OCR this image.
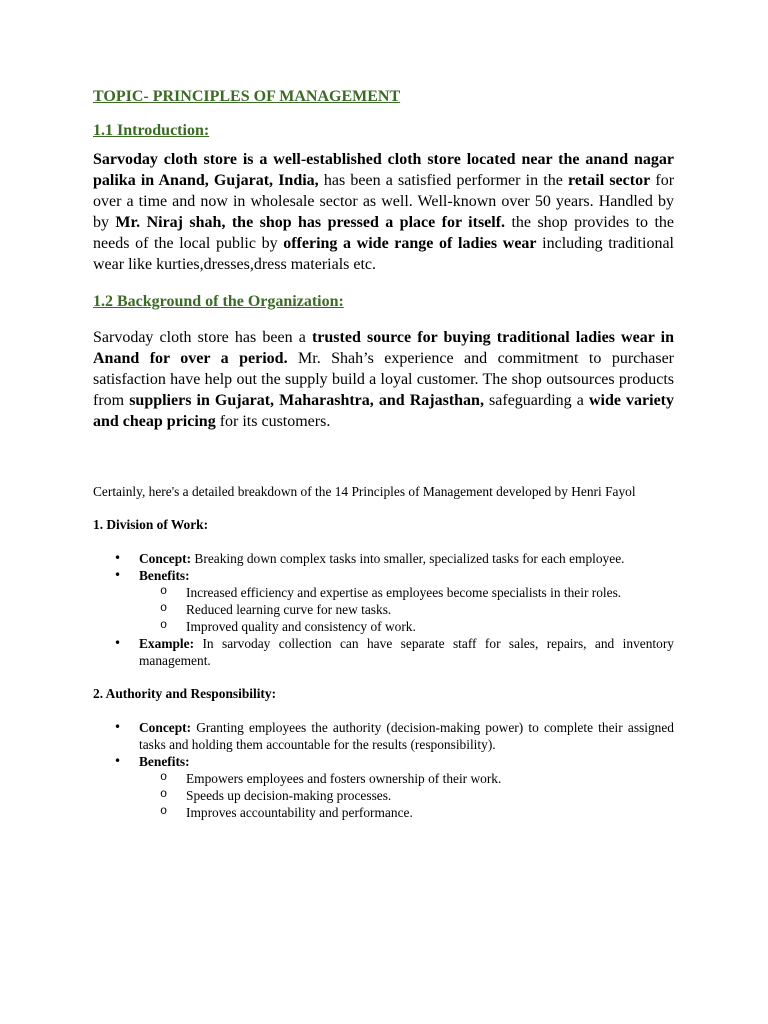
TOPIC- PRINCIPLES OF MANAGEMENT
1.1 Introduction:

Sarvoday cloth store is a well-established cloth store located near the anand nagar palika in Anand, Gujarat, India, has been a satisfied performer in the retail sector for over a time and now in wholesale sector as well. Well-known over 50 years. Handled by by Mr. Niraj shah, the shop has pressed a place for itself. the shop provides to the needs of the local public by offering a wide range of ladies wear including traditional wear like kurties,dresses,dress materials etc.

1.2 Background of the Organization:

Sarvoday cloth store has been a trusted source for buying traditional ladies wear in Anand for over a period. Mr. Shah’s experience and commitment to purchaser satisfaction have help out the supply build a loyal customer. The shop outsources products from suppliers in Gujarat, Maharashtra, and Rajasthan, safeguarding a wide variety and cheap pricing for its customers.

Certainly, here's a detailed breakdown of the 14 Principles of Management developed by Henri Fayol

1. Division of Work:

• Concept: Breaking down complex tasks into smaller, specialized tasks for each employee.
• Benefits:
o Increased efficiency and expertise as employees become specialists in their roles.
o Reduced learning curve for new tasks.
o Improved quality and consistency of work.
• Example: In sarvoday collection can have separate staff for sales, repairs, and inventory management.

2. Authority and Responsibility:

• Concept: Granting employees the authority (decision-making power) to complete their assigned tasks and holding them accountable for the results (responsibility).
• Benefits:
o Empowers employees and fosters ownership of their work.
o Speeds up decision-making processes.
o Improves accountability and performance.
